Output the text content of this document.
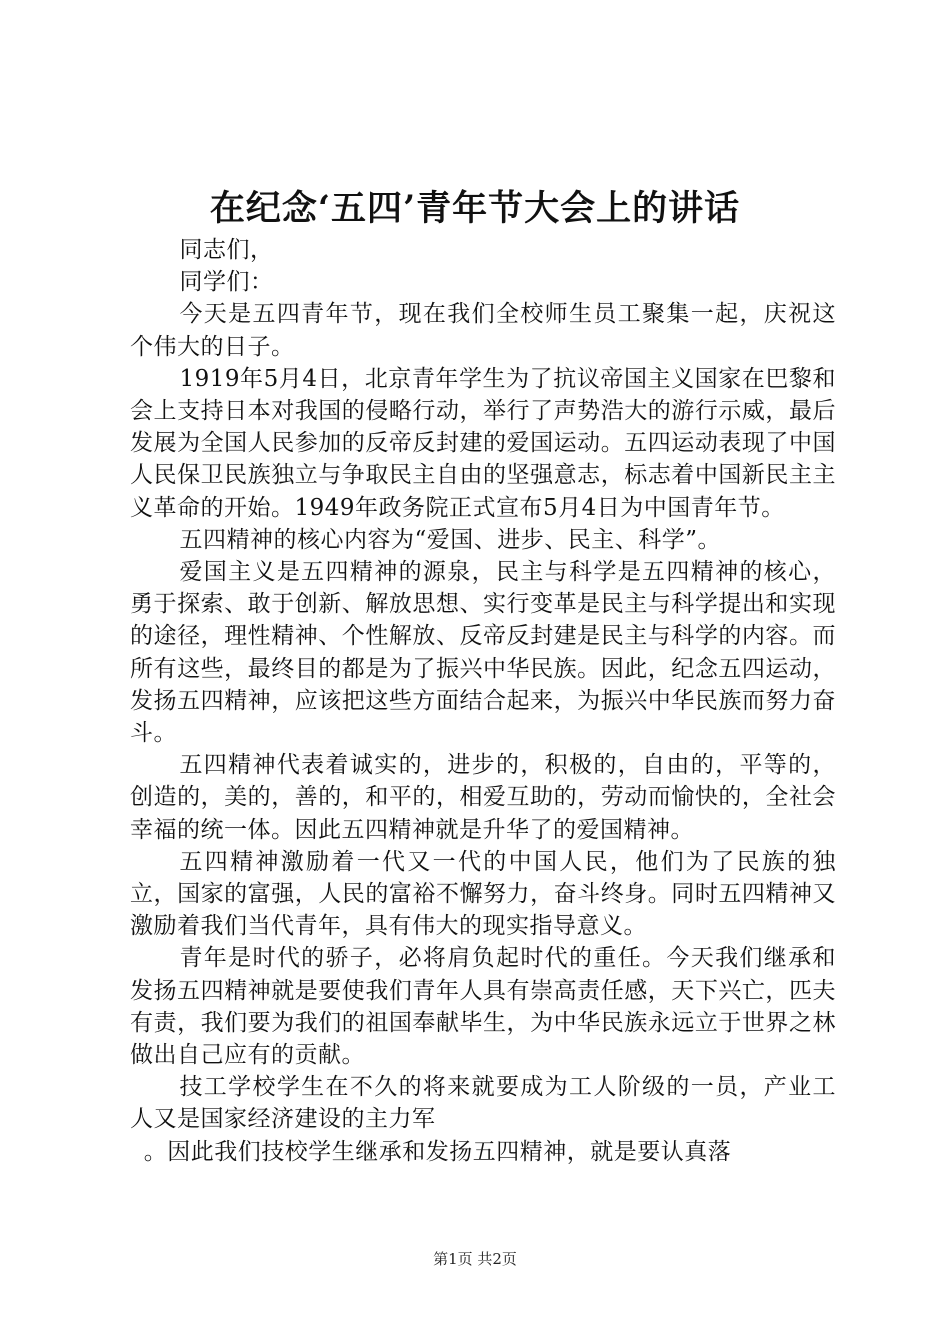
在纪念‘五四’青年节大会上的讲话

同志们，

同学们：

今天是五四青年节，现在我们全校师生员工聚集一起，庆祝这个伟大的日子。

1919年5月4日，北京青年学生为了抗议帝国主义国家在巴黎和会上支持日本对我国的侵略行动，举行了声势浩大的游行示威，最后发展为全国人民参加的反帝反封建的爱国运动。五四运动表现了中国人民保卫民族独立与争取民主自由的坚强意志，标志着中国新民主主义革命的开始。1949年政务院正式宣布5月4日为中国青年节。

五四精神的核心内容为“爱国、进步、民主、科学”。

爱国主义是五四精神的源泉，民主与科学是五四精神的核心，勇于探索、敢于创新、解放思想、实行变革是民主与科学提出和实现的途径，理性精神、个性解放、反帝反封建是民主与科学的内容。而所有这些，最终目的都是为了振兴中华民族。因此，纪念五四运动，发扬五四精神，应该把这些方面结合起来，为振兴中华民族而努力奋斗。

五四精神代表着诚实的，进步的，积极的，自由的，平等的，创造的，美的，善的，和平的，相爱互助的，劳动而愉快的，全社会幸福的统一体。因此五四精神就是升华了的爱国精神。

五四精神激励着一代又一代的中国人民，他们为了民族的独立，国家的富强，人民的富裕不懈努力，奋斗终身。同时五四精神又激励着我们当代青年，具有伟大的现实指导意义。

青年是时代的骄子，必将肩负起时代的重任。今天我们继承和发扬五四精神就是要使我们青年人具有崇高责任感，天下兴亡，匹夫有责，我们要为我们的祖国奉献毕生，为中华民族永远立于世界之林做出自己应有的贡献。

技工学校学生在不久的将来就要成为工人阶级的一员，产业工人又是国家经济建设的主力军

。因此我们技校学生继承和发扬五四精神，就是要认真落

第1页 共2页
